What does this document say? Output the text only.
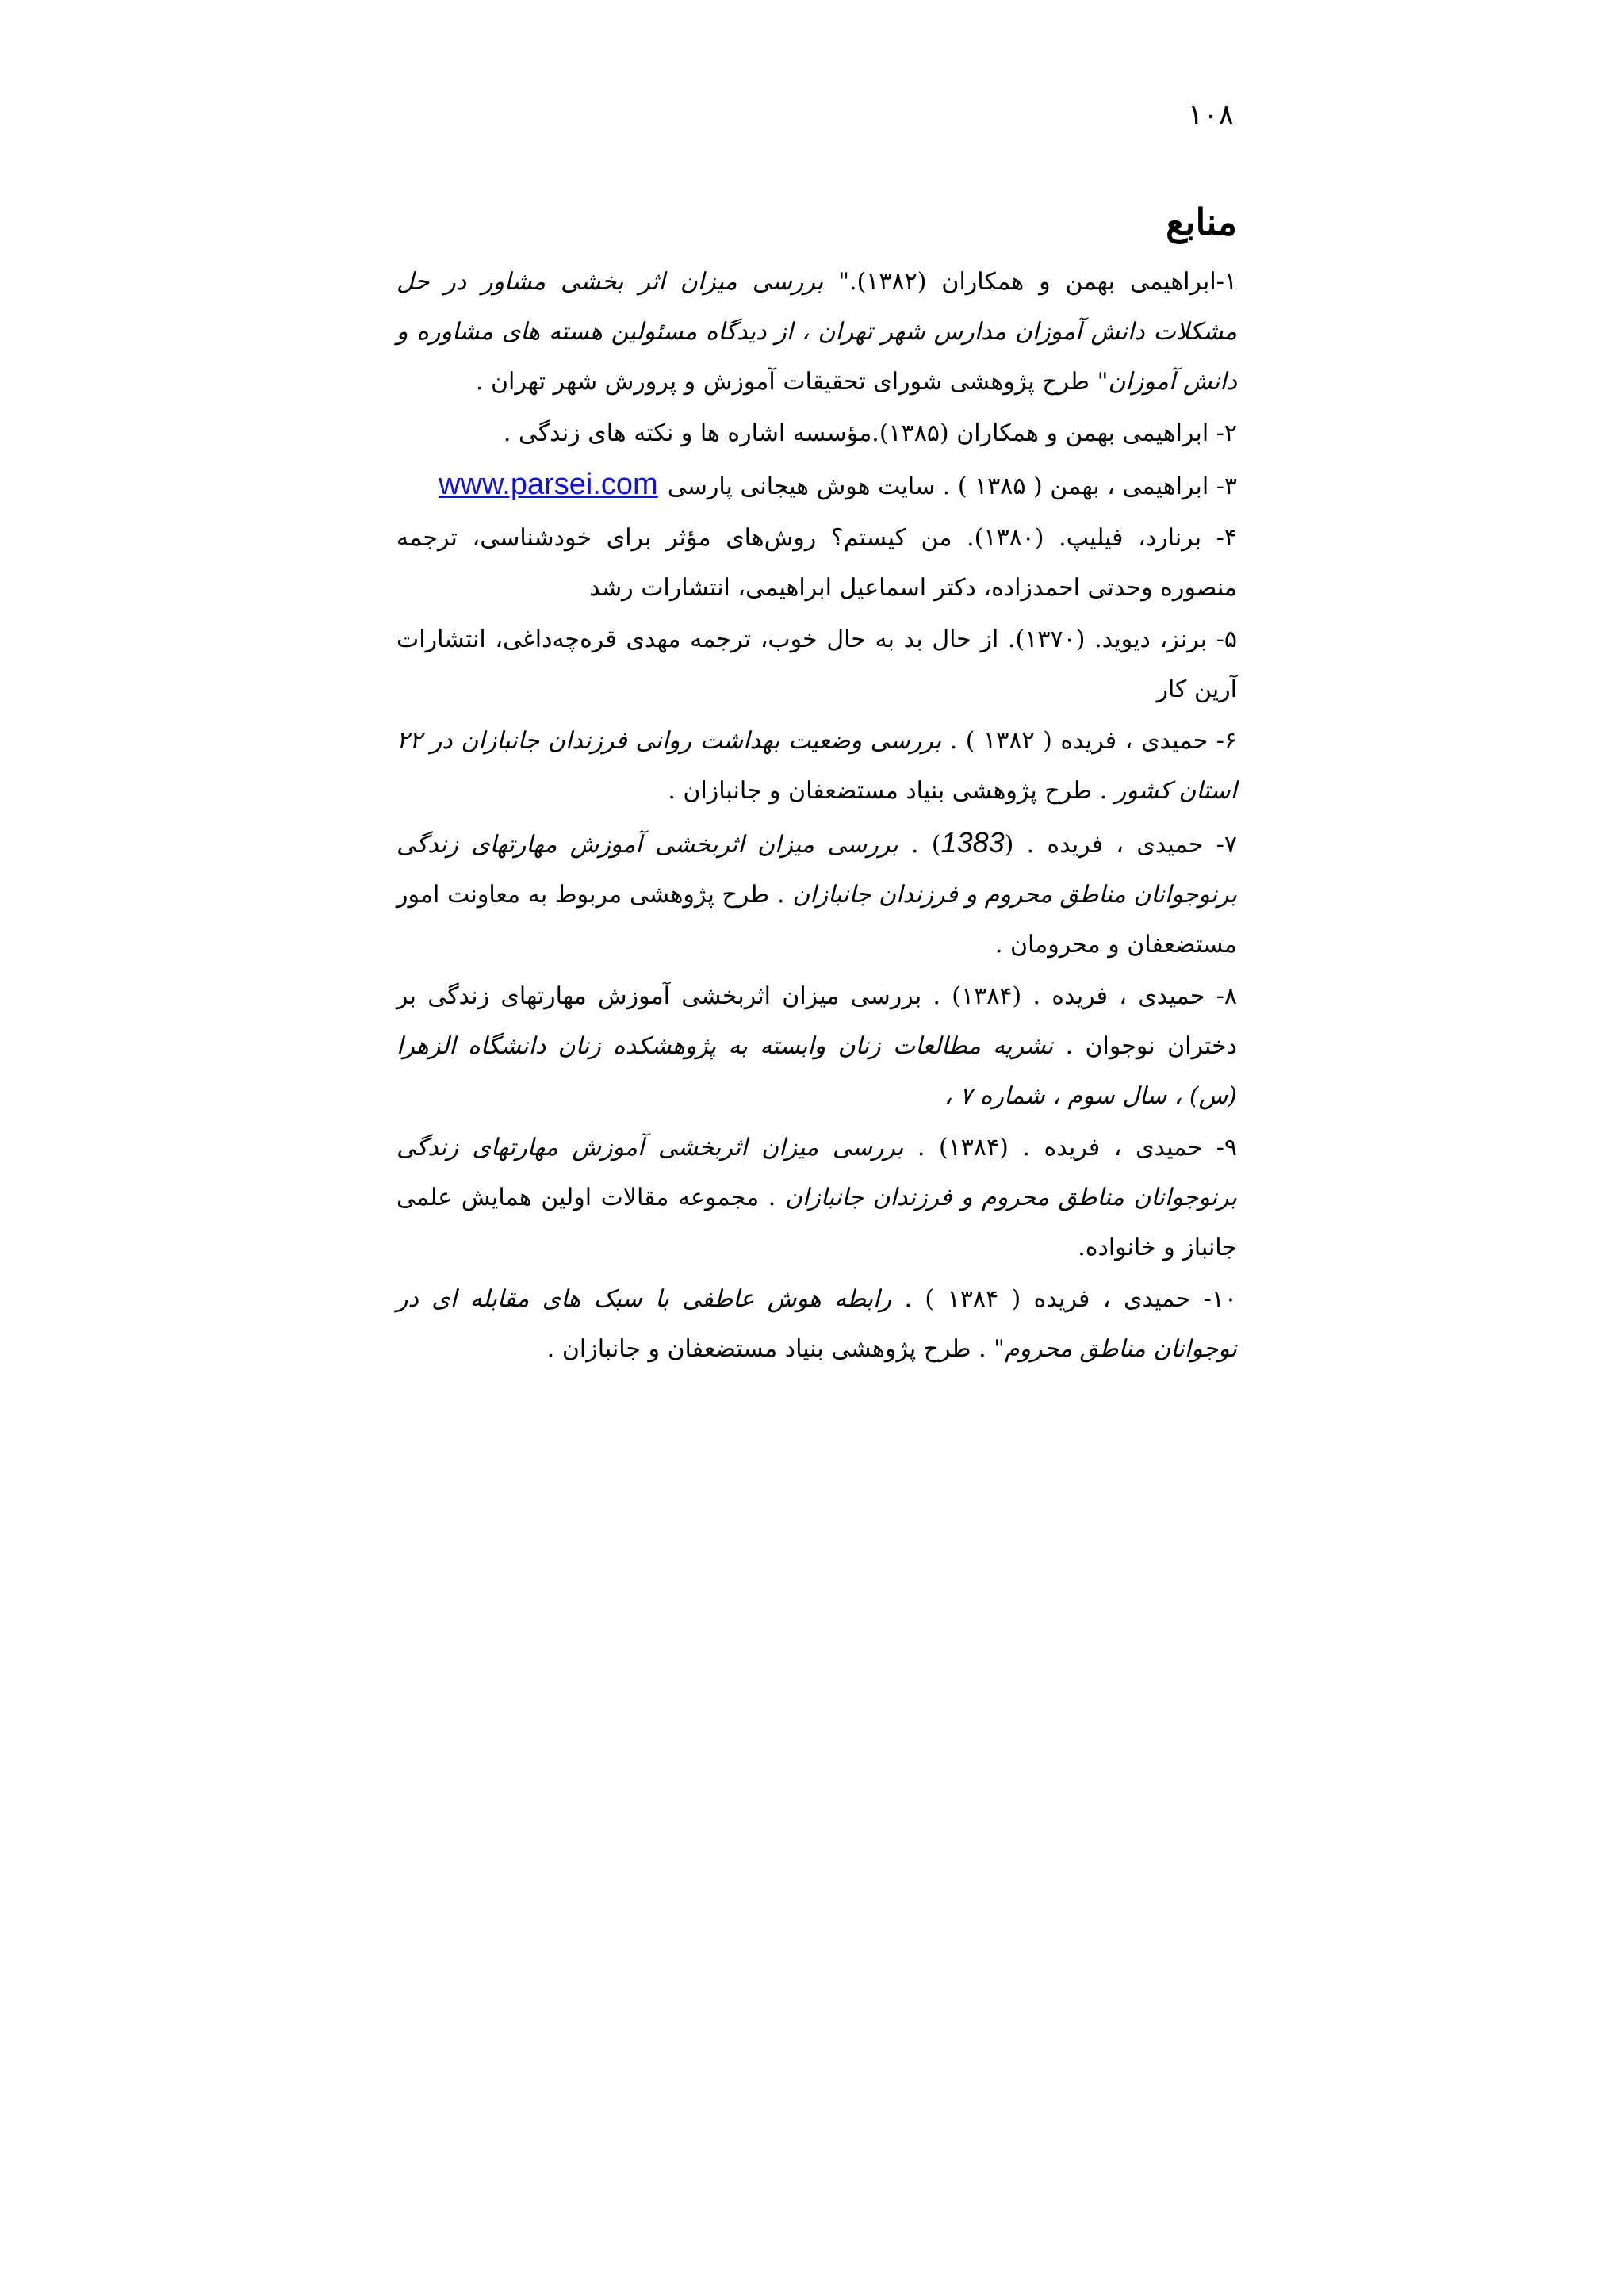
۱۰۸
منابع

۱-ابراهیمی بهمن و همکاران (۱۳۸۲)." بررسی میزان اثر بخشی مشاور در حل مشکلات دانش آموزان مدارس شهر تهران ، از دیدگاه مسئولین هسته های مشاوره و دانش آموزان" طرح پژوهشی شورای تحقیقات آموزش و پرورش شهر تهران .

۲- ابراهیمی بهمن و همکاران (۱۳۸۵).مؤسسه اشاره ها و نکته های زندگی .

۳- ابراهیمی ، بهمن ( ۱۳۸۵ ) . سایت هوش هیجانی پارسیwww.parsei.com

۴- برنارد، فیلیپ. (۱۳۸۰). من کیستم؟ روش‌های مؤثر برای خودشناسی، ترجمه منصوره وحدتی احمدزاده، دکتر اسماعیل ابراهیمی، انتشارات رشد

۵- برنز، دیوید. (۱۳۷۰). از حال بد به حال خوب، ترجمه مهدی قره‌چه‌داغی، انتشارات آرین کار

۶- حمیدی ، فریده ( ۱۳۸۲ ) . بررسی وضعیت بهداشت روانی فرزندان جانبازان در ۲۲ استان کشور . طرح پژوهشی بنیاد مستضعفان و جانبازان .

۷- حمیدی ، فریده . (1383) . بررسی میزان اثربخشی آموزش مهارتهای زندگی برنوجوانان مناطق محروم و فرزندان جانبازان . طرح پژوهشی مربوط به معاونت امور مستضعفان و محرومان .

۸- حمیدی ، فریده . (۱۳۸۴) . بررسی میزان اثربخشی آموزش مهارتهای زندگی بر دختران نوجوان . نشریه مطالعات زنان وابسته به پژوهشکده زنان دانشگاه الزهرا (س) ، سال سوم ، شماره ۷ ،

۹- حمیدی ، فریده . (۱۳۸۴) . بررسی میزان اثربخشی آموزش مهارتهای زندگی برنوجوانان مناطق محروم و فرزندان جانبازان . مجموعه مقالات اولین همایش علمی جانباز و خانواده.

۱۰- حمیدی ، فریده ( ۱۳۸۴ ) . رابطه هوش عاطفی با سبک های مقابله ای در نوجوانان مناطق محروم" . طرح پژوهشی بنیاد مستضعفان و جانبازان .
